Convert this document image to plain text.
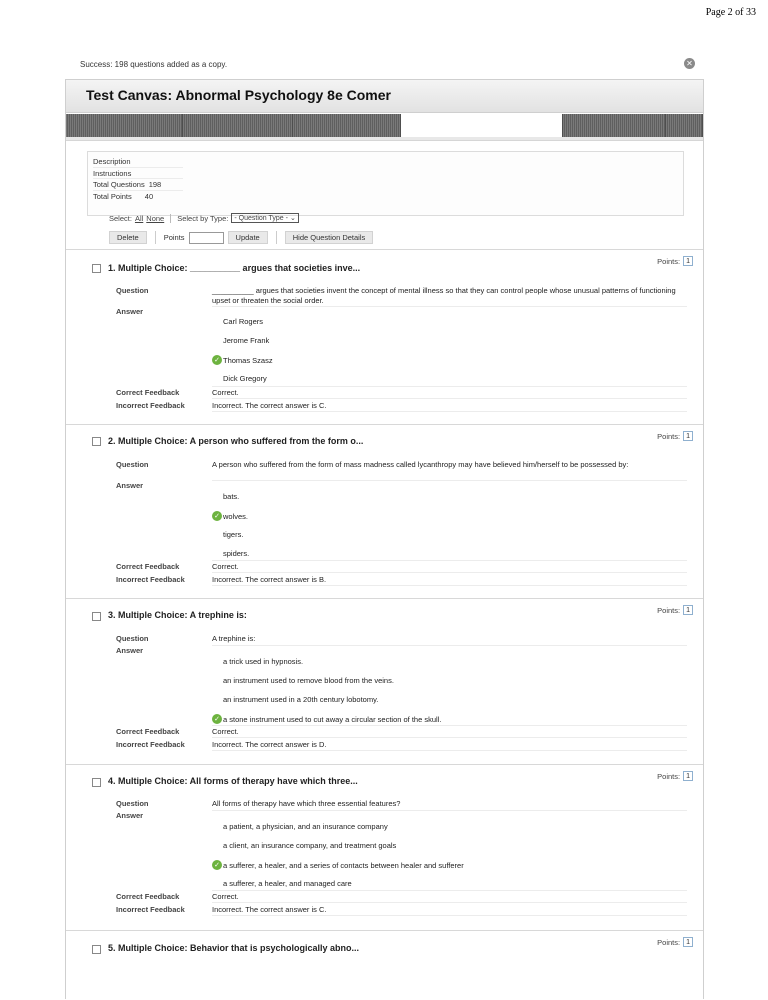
Page 2 of 33
Success: 198 questions added as a copy.	✕
Test Canvas: Abnormal Psychology 8e Comer
Description
Instructions
Total Questions 198
Total Points 40
Select: All None Select by Type: - Question Type - ⌄
Delete	Points	Update	Hide Question Details
1. Multiple Choice: __________ argues that societies inve...
Points: 1
Question	__________ argues that societies invent the concept of mental illness so that they can control people whose unusual patterns of functioning upset or threaten the social order.
Answer
Carl Rogers
Jerome Frank
✓ Thomas Szasz
Dick Gregory
Correct Feedback	Correct.
Incorrect Feedback	Incorrect. The correct answer is C.
2. Multiple Choice: A person who suffered from the form o...	Points: 1
Question	A person who suffered from the form of mass madness called lycanthropy may have believed him/herself to be possessed by:
Answer
bats.
✓ wolves.
tigers.
spiders.
Correct Feedback	Correct.
Incorrect Feedback	Incorrect. The correct answer is B.
3. Multiple Choice: A trephine is:	Points: 1
Question	A trephine is:
Answer
a trick used in hypnosis.
an instrument used to remove blood from the veins.
an instrument used in a 20th century lobotomy.
✓ a stone instrument used to cut away a circular section of the skull.
Correct Feedback	Correct.
Incorrect Feedback	Incorrect. The correct answer is D.
4. Multiple Choice: All forms of therapy have which three...	Points: 1
Question	All forms of therapy have which three essential features?
Answer
a patient, a physician, and an insurance company
a client, an insurance company, and treatment goals
✓ a sufferer, a healer, and a series of contacts between healer and sufferer
a sufferer, a healer, and managed care
Correct Feedback	Correct.
Incorrect Feedback	Incorrect. The correct answer is C.
5. Multiple Choice: Behavior that is psychologically abno...
Points: 1
